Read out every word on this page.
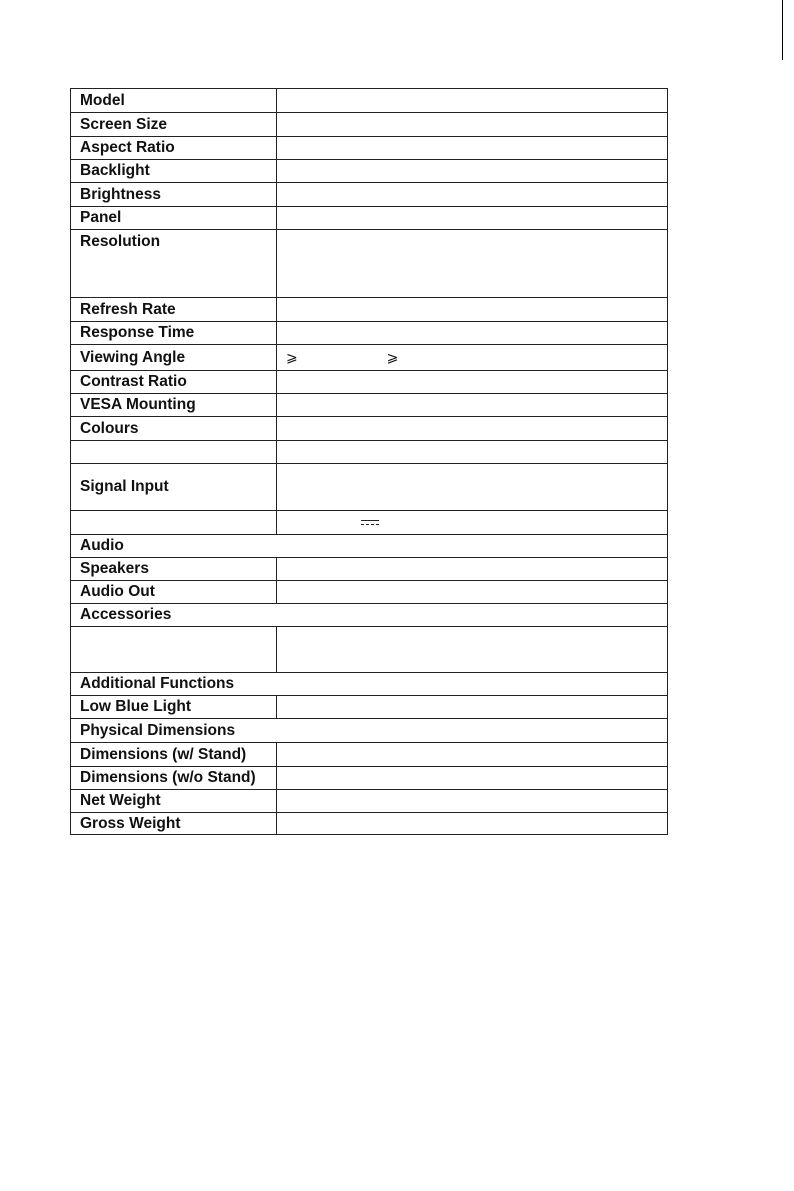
Model	
Screen Size	
Aspect Ratio	
Backlight	
Brightness	
Panel	
Resolution	
Refresh Rate	
Response Time	
Viewing Angle	⩾ ⩾
Contrast Ratio	
VESA Mounting	
Colours	

Signal Input	

Audio	
Speakers	
Audio Out	
Accessories	

Additional Functions	
Low Blue Light	
Physical Dimensions	
Dimensions (w/ Stand)	
Dimensions (w/o Stand)	
Net Weight	
Gross Weight	
